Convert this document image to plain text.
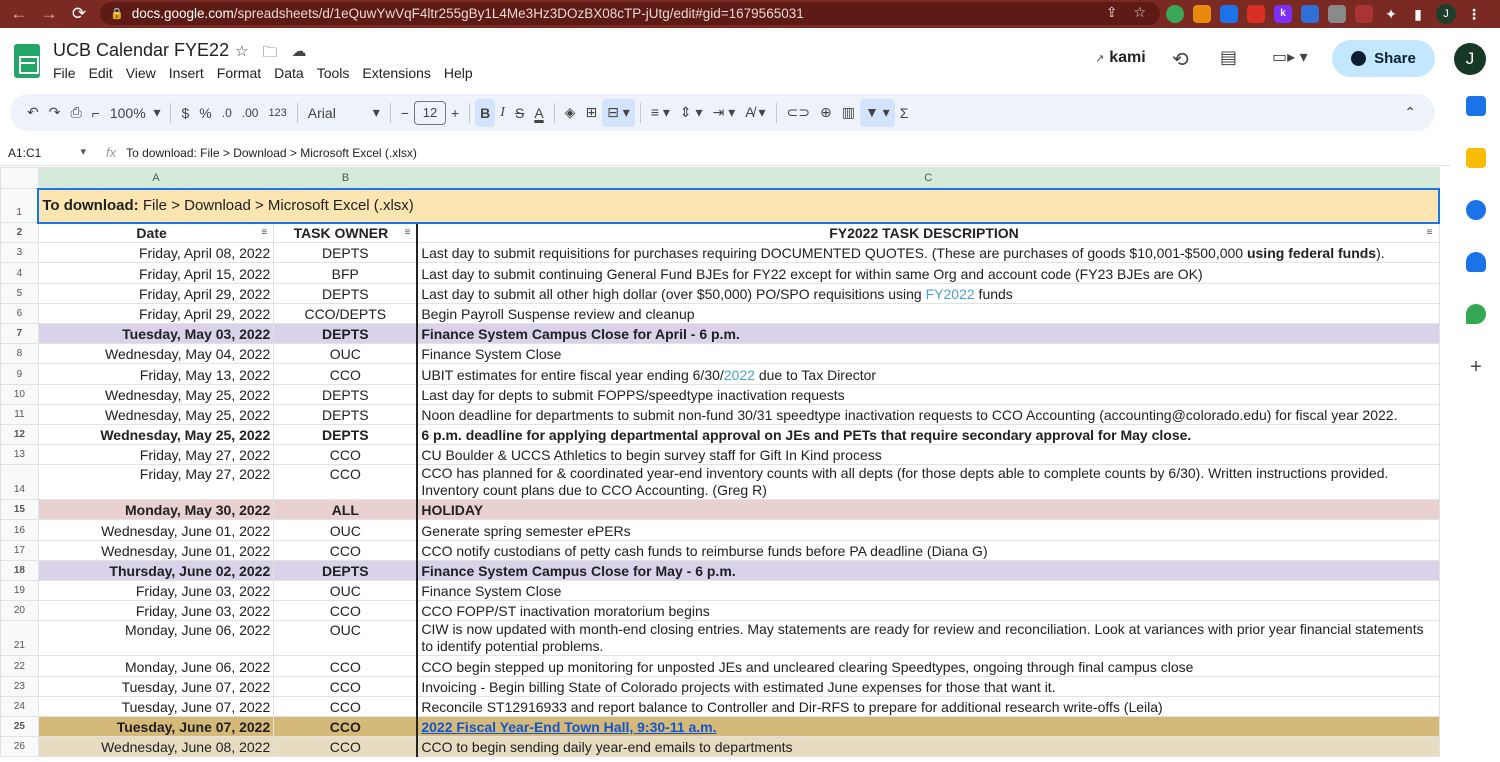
← → ⟳	🔒 docs.google.com /spreadsheets/d/1eQuwYwVqF4ltr255gBy1L4Me3Hz3DOzBX08cTP-jUtg/edit#gid=1679565031	⇪ ☆	k	✦	▮	J	⋮
UCB Calendar FYE22 ☆ 🗀 ☁
File Edit View Insert Format Data Tools Extensions Help
↗ kami ⟲ ▤ ▭▸ ▾	Share	J
↶ ↷ ⎙ ⌐ 100% ▾	$ % .0 .00 123	Arial	▾	−	12 +	B I S A	◈ ⊞ ⊟ ▾	≡ ▾ ⇕ ▾ ⇥ ▾ A̸ ▾	⊂⊃ ⊕ ▥ ▼ ▾ Σ	⌃
+
A1:C1 ▾	fx To download: File > Download > Microsoft Excel (.xlsx)
	A	B	C
1	To download: File > Download > Microsoft Excel (.xlsx)		
2	Date ≡	TASK OWNER ≡	FY2022 TASK DESCRIPTION ≡

3	Friday, April 08, 2022	DEPTS	Last day to submit requisitions for purchases requiring DOCUMENTED QUOTES. (These are purchases of goods $10,001-$500,000 using federal funds).
4	Friday, April 15, 2022	BFP	Last day to submit continuing General Fund BJEs for FY22 except for within same Org and account code (FY23 BJEs are OK)
5	Friday, April 29, 2022	DEPTS	Last day to submit all other high dollar (over $50,000) PO/SPO requisitions using FY2022 funds
6	Friday, April 29, 2022	CCO/DEPTS	Begin Payroll Suspense review and cleanup
7	Tuesday, May 03, 2022	DEPTS	Finance System Campus Close for April - 6 p.m.
8	Wednesday, May 04, 2022	OUC	Finance System Close
9	Friday, May 13, 2022	CCO	UBIT estimates for entire fiscal year ending 6/30/2022 due to Tax Director
10	Wednesday, May 25, 2022	DEPTS	Last day for depts to submit FOPPS/speedtype inactivation requests
11	Wednesday, May 25, 2022	DEPTS	Noon deadline for departments to submit non-fund 30/31 speedtype inactivation requests to CCO Accounting (accounting@colorado.edu) for fiscal year 2022.
12	Wednesday, May 25, 2022	DEPTS	6 p.m. deadline for applying departmental approval on JEs and PETs that require secondary approval for May close.
13	Friday, May 27, 2022	CCO	CU Boulder & UCCS Athletics to begin survey staff for Gift In Kind process
14	Friday, May 27, 2022	CCO	CCO has planned for & coordinated year-end inventory counts with all depts (for those depts able to complete counts by 6/30). Written instructions provided. Inventory count plans due to CCO Accounting. (Greg R)
15	Monday, May 30, 2022	ALL	HOLIDAY
16	Wednesday, June 01, 2022	OUC	Generate spring semester ePERs
17	Wednesday, June 01, 2022	CCO	CCO notify custodians of petty cash funds to reimburse funds before PA deadline (Diana G)
18	Thursday, June 02, 2022	DEPTS	Finance System Campus Close for May - 6 p.m.
19	Friday, June 03, 2022	OUC	Finance System Close
20	Friday, June 03, 2022	CCO	CCO FOPP/ST inactivation moratorium begins
21	Monday, June 06, 2022	OUC	CIW is now updated with month-end closing entries. May statements are ready for review and reconciliation. Look at variances with prior year financial statements to identify potential problems.
22	Monday, June 06, 2022	CCO	CCO begin stepped up monitoring for unposted JEs and uncleared clearing Speedtypes, ongoing through final campus close
23	Tuesday, June 07, 2022	CCO	Invoicing - Begin billing State of Colorado projects with estimated June expenses for those that want it.
24	Tuesday, June 07, 2022	CCO	Reconcile ST12916933 and report balance to Controller and Dir-RFS to prepare for additional research write-offs (Leila)
25	Tuesday, June 07, 2022	CCO	2022 Fiscal Year-End Town Hall, 9:30-11 a.m.
26	Wednesday, June 08, 2022	CCO	CCO to begin sending daily year-end emails to departments
